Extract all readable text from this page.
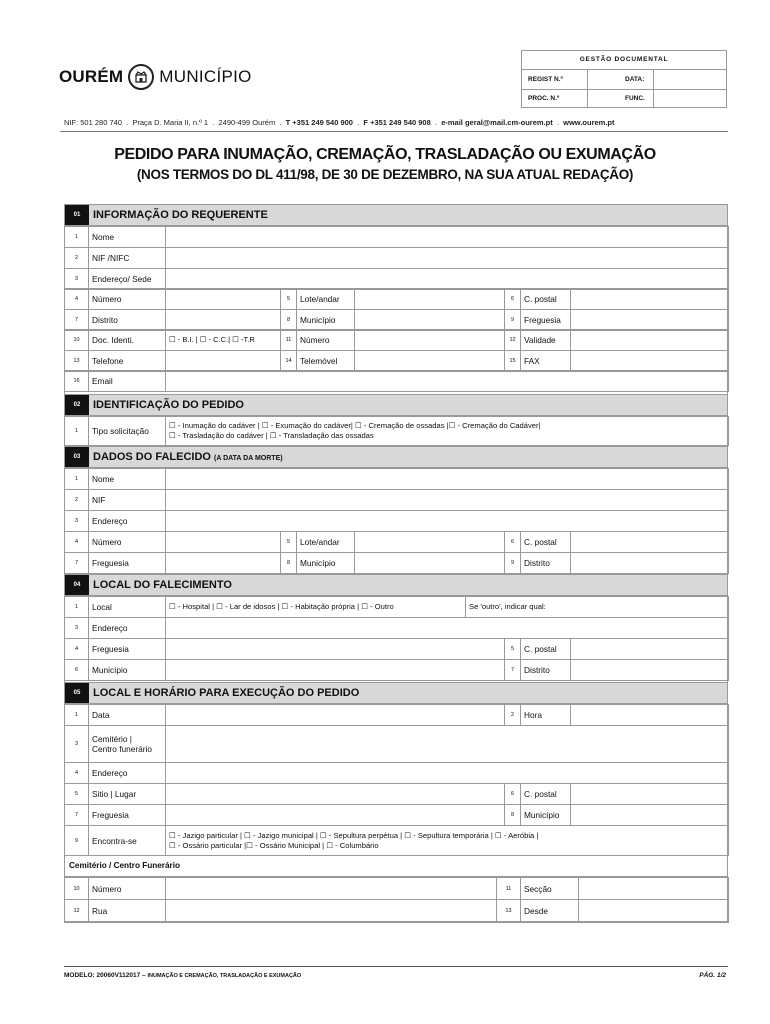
OURÉM MUNICÍPIO
GESTÃO DOCUMENTAL
REGIST N.º	DATA:
PROC. N.º	FUNC.
NIF: 501 280 740  .  Praça D. Maria II, n.º 1  .  2490-499 Ourém  .  T +351 249 540 900  .  F +351 249 540 908  .  e-mail geral@mail.cm-ourem.pt  .  www.ourem.pt
PEDIDO PARA INUMAÇÃO, CREMAÇÃO, TRASLADAÇÃO OU EXUMAÇÃO
(NOS TERMOS DO DL 411/98, DE 30 DE DEZEMBRO, NA SUA ATUAL REDAÇÃO)
01	INFORMAÇÃO DO REQUERENTE
1	Nome
2	NIF /NIFC
3	Endereço/ Sede
4	Número	5	Lote/andar	6	C. postal
7	Distrito	8	Município	9	Freguesia
10	Doc. Identi.	☐ - B.I. | ☐ - C.C.| ☐ -T.R	11	Número	12	Validade
13	Telefone	14	Telemóvel	15	FAX
16	Email
02	IDENTIFICAÇÃO DO PEDIDO
1	Tipo solicitação
☐ - Inumação do cadáver | ☐ - Exumação do cadáver| ☐ - Cremação de ossadas |☐ - Cremação do Cadáver|
☐ - Trasladação do cadáver | ☐ - Transladação das ossadas
03	DADOS DO FALECIDO (A DATA DA MORTE)
1	Nome
2	NIF
3	Endereço
4	Número	5	Lote/andar	6	C. postal
7	Freguesia	8	Município	9	Distrito
04	LOCAL DO FALECIMENTO
1	Local	☐ - Hospital | ☐ - Lar de idosos | ☐ - Habitação própria | ☐ - Outro	Se 'outro', indicar qual:
3	Endereço
4	Freguesia	5	C. postal
6	Município	7	Distrito
05	LOCAL E HORÁRIO PARA EXECUÇÃO DO PEDIDO
1	Data	2	Hora
3	Cemitério |
Centro funerário
4	Endereço
5	Sitio | Lugar	6	C. postal
7	Freguesia	8	Município
9	Encontra-se
☐ - Jazigo particular | ☐ - Jazigo municipal | ☐ - Sepultura perpétua | ☐ - Sepultura temporária | ☐ - Aeróbia |
☐ - Ossário particular |☐ - Ossário Municipal | ☐ - Columbário
Cemitério / Centro Funerário
10	Número	11	Secção
12	Rua	13	Desde
MODELO: 20060V112017 – INUMAÇÃO E CREMAÇÃO, TRASLADAÇÃO E EXUMAÇÃO	PÁG. 1/2
